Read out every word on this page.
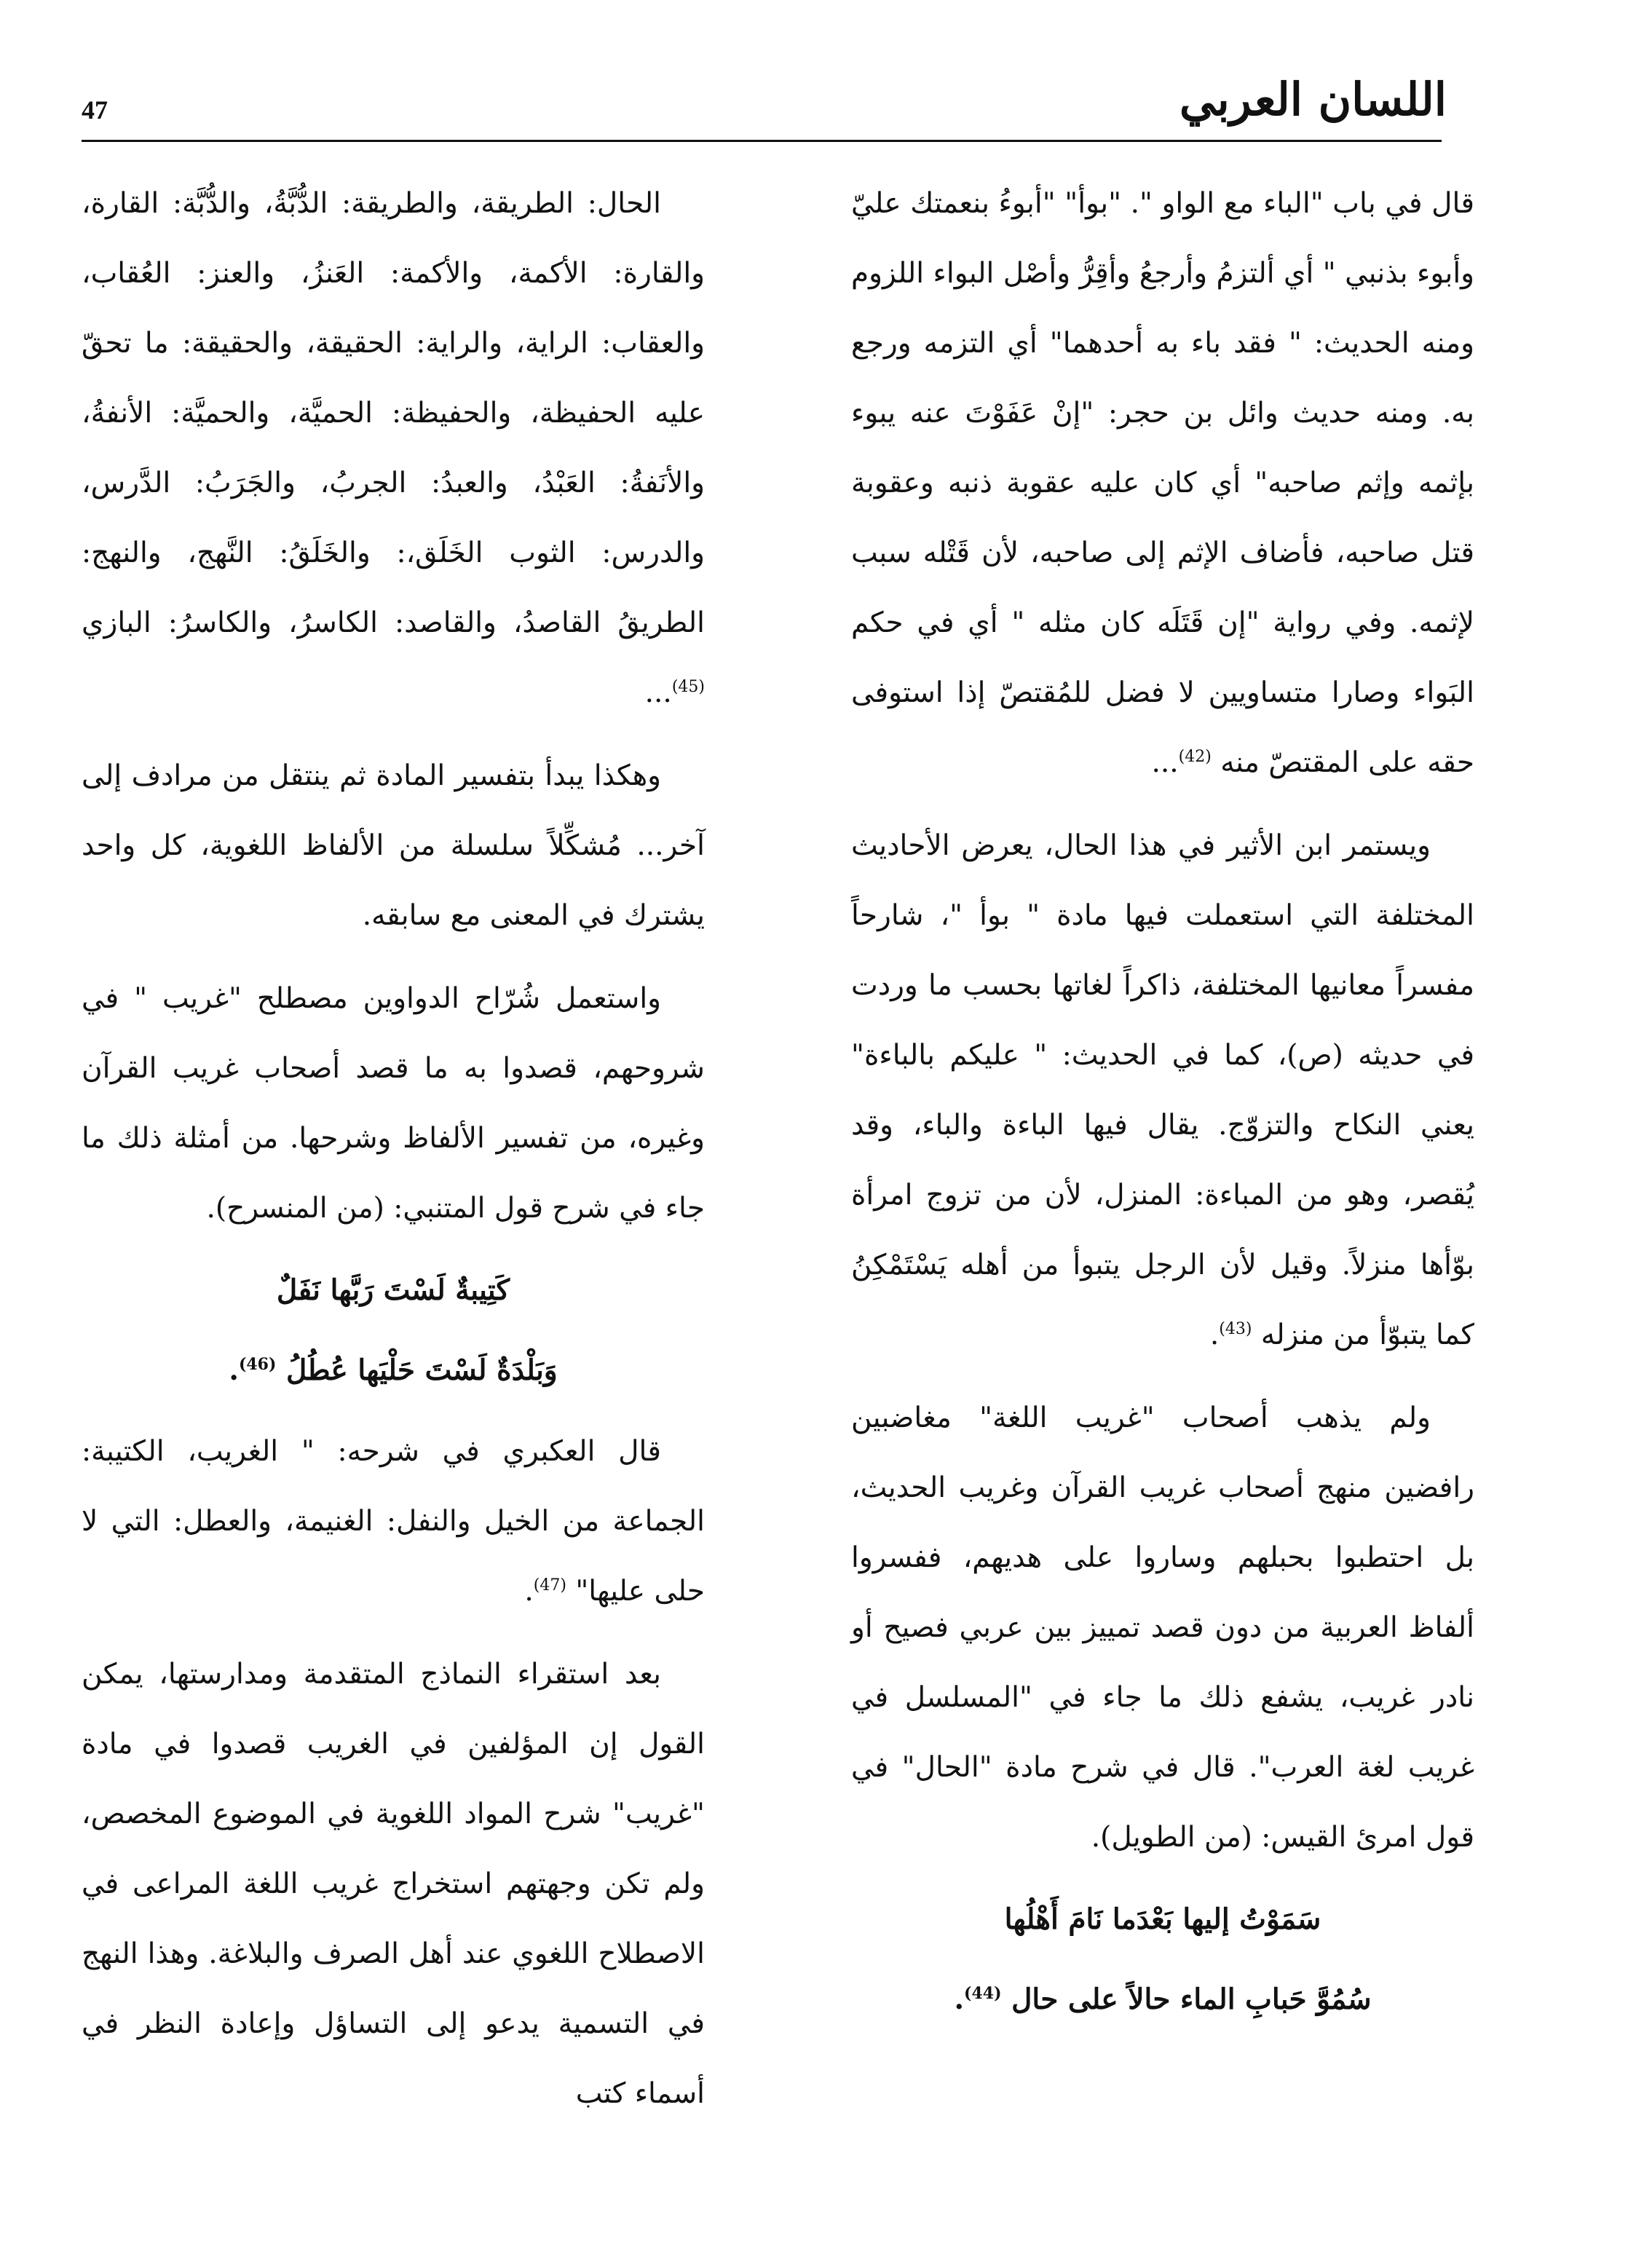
47	اللسان العربي

قال في باب "الباء مع الواو ". "بوأ" "أبوءُ بنعمتك عليّ وأبوء بذنبي " أي ألتزمُ وأرجعُ وأقِرُّ وأصْل البواء اللزوم ومنه الحديث: " فقد باء به أحدهما" أي التزمه ورجع به. ومنه حديث وائل بن حجر: "إنْ عَفَوْتَ عنه يبوء بإثمه وإثم صاحبه" أي كان عليه عقوبة ذنبه وعقوبة قتل صاحبه، فأضاف الإثم إلى صاحبه، لأن قَتْله سبب لإثمه. وفي رواية "إن قَتَلَه كان مثله " أي في حكم البَواء وصارا متساويين لا فضل للمُقتصّ إذا استوفى حقه على المقتصّ منه $^{(42)}$...

ويستمر ابن الأثير في هذا الحال، يعرض الأحاديث المختلفة التي استعملت فيها مادة " بوأ "، شارحاً مفسراً معانيها المختلفة، ذاكراً لغاتها بحسب ما وردت في حديثه (ص)، كما في الحديث: " عليكم بالباءة" يعني النكاح والتزوّج. يقال فيها الباءة والباء، وقد يُقصر، وهو من المباءة: المنزل، لأن من تزوج امرأة بوّأها منزلاً. وقيل لأن الرجل يتبوأ من أهله يَسْتَمْكِنُ كما يتبوّأ من منزله $^{(43)}$.

ولم يذهب أصحاب "غريب اللغة" مغاضبين رافضين منهج أصحاب غريب القرآن وغريب الحديث، بل احتطبوا بحبلهم وساروا على هديهم، ففسروا ألفاظ العربية من دون قصد تمييز بين عربي فصيح أو نادر غريب، يشفع ذلك ما جاء في "المسلسل في غريب لغة العرب". قال في شرح مادة "الحال" في قول امرئ القيس: (من الطويل).

سَمَوْتُ إليها بَعْدَما نَامَ أَهْلُها

سُمُوَّ حَبابِ الماء حالاً على حال $^{(44)}$.

الحال: الطريقة، والطريقة: الدُّبَّةُ، والدُّبَّة: القارة، والقارة: الأكمة، والأكمة: العَنزُ، والعنز: العُقاب، والعقاب: الراية، والراية: الحقيقة، والحقيقة: ما تحقّ عليه الحفيظة، والحفيظة: الحميَّة، والحميَّة: الأنفةُ، والأنَفةُ: العَبْدُ، والعبدُ: الجربُ، والجَرَبُ: الدَّرس، والدرس: الثوب الخَلَق،: والخَلَقُ: النَّهج، والنهج: الطريقُ القاصدُ، والقاصد: الكاسرُ، والكاسرُ: البازي $^{(45)}$...

وهكذا يبدأ بتفسير المادة ثم ينتقل من مرادف إلى آخر... مُشكِّلاً سلسلة من الألفاظ اللغوية، كل واحد يشترك في المعنى مع سابقه.

واستعمل شُرّاح الدواوين مصطلح "غريب " في شروحهم، قصدوا به ما قصد أصحاب غريب القرآن وغيره، من تفسير الألفاظ وشرحها. من أمثلة ذلك ما جاء في شرح قول المتنبي: (من المنسرح).

كَتِيبةٌ لَسْتَ رَبَّها نَفَلٌ

وَبَلْدَةٌ لَسْتَ حَلْيَها عُطُلُ $^{(46)}$.

قال العكبري في شرحه: " الغريب، الكتيبة: الجماعة من الخيل والنفل: الغنيمة، والعطل: التي لا حلى عليها" $^{(47)}$.

بعد استقراء النماذج المتقدمة ومدارستها، يمكن القول إن المؤلفين في الغريب قصدوا في مادة "غريب" شرح المواد اللغوية في الموضوع المخصص، ولم تكن وجهتهم استخراج غريب اللغة المراعى في الاصطلاح اللغوي عند أهل الصرف والبلاغة. وهذا النهج في التسمية يدعو إلى التساؤل وإعادة النظر في أسماء كتب
